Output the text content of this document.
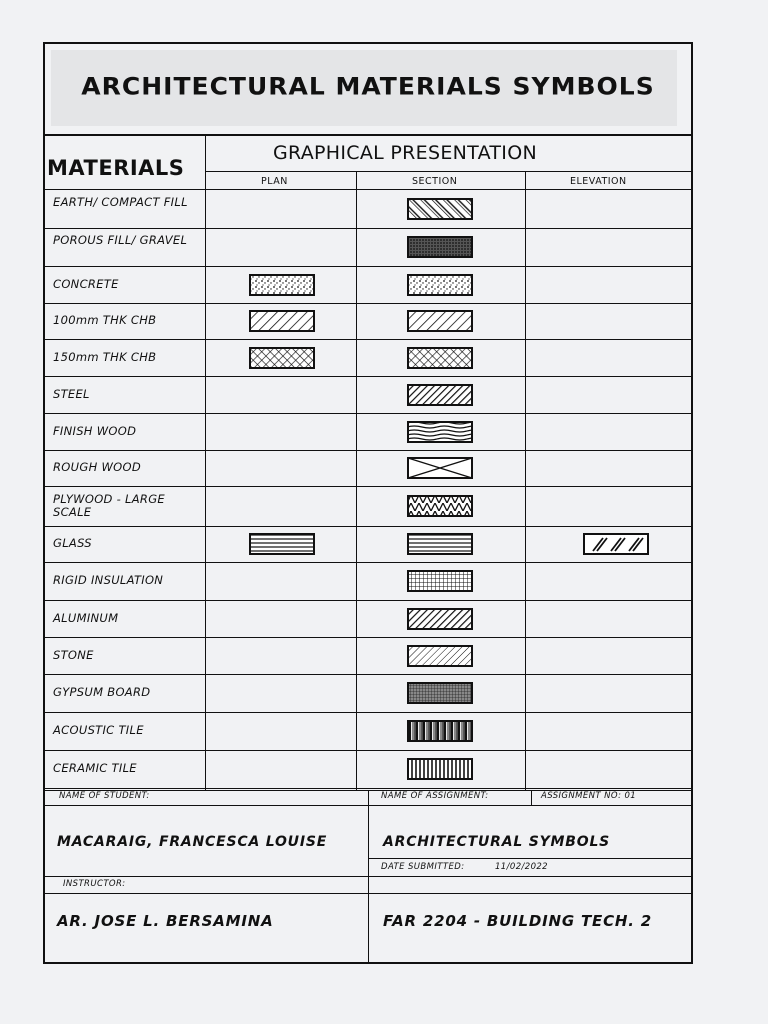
ARCHITECTURAL MATERIALS SYMBOLS
MATERIALS
GRAPHICAL PRESENTATION
PLAN	SECTION	ELEVATION
EARTH/ COMPACT FILL
POROUS FILL/ GRAVEL
CONCRETE
100mm THK CHB
150mm THK CHB
STEEL
FINISH WOOD
ROUGH WOOD
PLYWOOD - LARGE SCALE
GLASS
RIGID INSULATION
ALUMINUM
STONE
GYPSUM BOARD
ACOUSTIC TILE
CERAMIC TILE
NAME OF STUDENT:	NAME OF ASSIGNMENT:	ASSIGNMENT NO: 01
MACARAIG, FRANCESCA LOUISE	ARCHITECTURAL SYMBOLS
DATE SUBMITTED:	11/02/2022
INSTRUCTOR:
AR. JOSE L. BERSAMINA	FAR 2204 - BUILDING TECH. 2
